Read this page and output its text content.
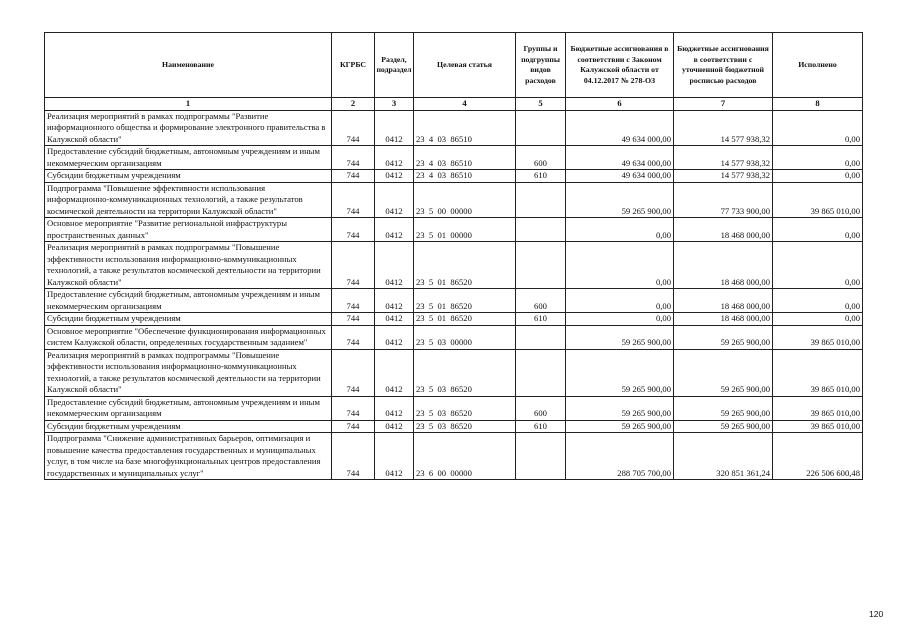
Наименование	КГРБС	Раздел, подраздел	Целевая статья	Группы и подгруппы видов расходов	Бюджетные ассигнования в соответствии с Законом Калужской области от 04.12.2017 № 278-ОЗ	Бюджетные ассигнования в соответствии с уточненной бюджетной росписью расходов	Исполнено
1	2	3	4	5	6	7	8
Реализация мероприятий в рамках подпрограммы "Развитие информационного общества и формирование электронного правительства в Калужской области"	744	0412	23  4  03  86510		49 634 000,00	14 577 938,32	0,00
Предоставление субсидий бюджетным, автономным учреждениям и иным некоммерческим организациям	744	0412	23  4  03  86510	600	49 634 000,00	14 577 938,32	0,00
Субсидии бюджетным учреждениям	744	0412	23  4  03  86510	610	49 634 000,00	14 577 938,32	0,00
Подпрограмма "Повышение эффективности использования информационно-коммуникационных технологий, а также результатов космической деятельности на территории Калужской области"	744	0412	23  5  00  00000		59 265 900,00	77 733 900,00	39 865 010,00
Основное мероприятие "Развитие региональной инфраструктуры пространственных данных"	744	0412	23  5  01  00000		0,00	18 468 000,00	0,00
Реализация мероприятий в рамках подпрограммы "Повышение эффективности использования информационно-коммуникационных технологий, а также результатов космической деятельности на территории Калужской области"	744	0412	23  5  01  86520		0,00	18 468 000,00	0,00
Предоставление субсидий бюджетным, автономным учреждениям и иным некоммерческим организациям	744	0412	23  5  01  86520	600	0,00	18 468 000,00	0,00
Субсидии бюджетным учреждениям	744	0412	23  5  01  86520	610	0,00	18 468 000,00	0,00
Основное мероприятие "Обеспечение функционирования информационных систем Калужской области, определенных государственным заданием"	744	0412	23  5  03  00000		59 265 900,00	59 265 900,00	39 865 010,00
Реализация мероприятий в рамках подпрограммы "Повышение эффективности использования информационно-коммуникационных технологий, а также результатов космической деятельности на территории Калужской области"	744	0412	23  5  03  86520		59 265 900,00	59 265 900,00	39 865 010,00
Предоставление субсидий бюджетным, автономным учреждениям и иным некоммерческим организациям	744	0412	23  5  03  86520	600	59 265 900,00	59 265 900,00	39 865 010,00
Субсидии бюджетным учреждениям	744	0412	23  5  03  86520	610	59 265 900,00	59 265 900,00	39 865 010,00
Подпрограмма "Снижение административных барьеров, оптимизация и повышение качества предоставления государственных и муниципальных услуг, в том числе на базе многофункциональных центров предоставления государственных и муниципальных услуг"	744	0412	23  6  00  00000		288 705 700,00	320 851 361,24	226 506 600,48
120
